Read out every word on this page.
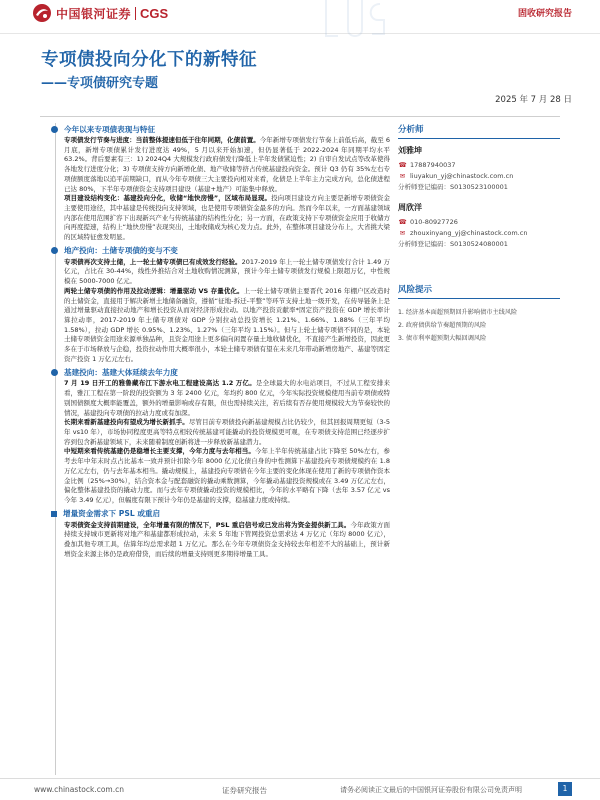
中国银河证券 CGS	固收研究报告
专项债投向分化下的新特征
——专项债研究专题
2025 年 7 月 28 日
今年以来专项债表现与特征

专项债发行节奏与进度：当前整体提速但低于往年同期，化债前置。今年新增专项债发行节奏上前低后高，截至 6 月底，新增专项债累计发行进度达 49%，5 月以来开始加速，但仍显著低于 2022-2024 年同期平均水平 63.2%。背后要素有三：1) 2024Q4 大规模发行政府债发行降低上半年发债紧迫性；2) 自审自发试点等改革使得各地发行进度分化；3) 专项债支持方向新增化债、地产收储等挤占传统基建投向资金。预计 Q3 仍有 35%左右专项债额度落地以追平前期缺口，而从今年专项债三大主要投向相对来看，化债是上半年主力完成方向，总化债进程已达 80%，下半年专项债资金支持项目建设（基建+地产）可能集中释放。

项目建设结构变化：基建投向分化，收储“地快房慢”，区域布局显现。投向项目建设方向主要是新增专项债资金主要使用途径，其中基建是传统投向支持领域，也是使用专项债资金最多的方向。然而今年以来，一方面基建领域内部在使用范围扩容下出现新兴产业与传统基建的结构性分化；另一方面，在政策支持下专项债资金应用于收储方向再度提速，结构上“地快房慢”表现突出，土地收储成为核心发力点。此外，在整体项目建设分布上，大省挑大梁的区域特征愈发明显。

地产投向：土储专项债的变与不变

专项债再次支持土储，上一轮土储专项债已有成效发行经验。2017-2019 年上一轮土储专项债发行合计 1.49 万亿元，占比在 30-44%，线性外推结合对土地收购情况测算，预计今年土储专项债发行规模上限超万亿，中性规模在 5000-7000 亿元。

两轮土储专项债的作用及拉动逻辑：增量驱动 VS 存量优化。上一轮土储专项债主要晋代 2016 年棚户区改造时的土储资金，直接用于解决新增土地储备融资，遵循“征地-拆迁-平整”等环节支持土地一级开发，在传导链条上是通过增量驱动直接拉动地产和增长投资从而对经济形成拉动。以地产投资贡献率*固定资产投资在 GDP 增长率计算拉动率，2017-2019 年土储专项债对 GDP 分别拉动总投资增长 1.21%、1.66%、1.88%（三年平均 1.58%），拉动 GDP 增长 0.95%、1.23%、1.27%（三年平均 1.15%）。但与上轮土储专项债不同的是，本轮土储专项债资金用途来源单独品种，且资金用途上更多偏向闲置存量土地收储优化，不直接产生新增投资，因此更多在于市场释放与企稳，投资拉动作用大概率很小，本轮土储专项债有望在未来几年带动新增房地产、基建等固定资产投资 1 万亿元左右。

基建投向：基建大体延续去年力度

7 月 19 日开工的雅鲁藏布江下游水电工程建设高达 1.2 万亿。是全球最大的水电站项目，不过从工程安排来看，雅江工程在第一阶段的投资额为 3 年 2400 亿元，年均约 800 亿元，今年实际投资规模使用当前专项债或特别国债额度大概率能覆盖，额外的增量影响或存有限，但也需持续关注，若后续有否存使用规模较大为节奏较快的情况，基建投向专项债的拉动力度或有加深。

长期来看新基建投向有望成为增长新抓手。尽管目前专项债投向新基建规模占比仍较少，但其回报周期更短（3-5 年 vs10 年），市场协同程度更高等特点相较传统基建可能撬动的投资规模更可观，在专项债支持范围已经逐步扩容到包含新基建领域下，未来随着制度创新将进一步释放新基建潜力。

中短期来看传统基建仍是稳增长主要支撑，今年力度与去年相当。今年上半年传统基建占比下降至 50%左右，参考去年中年末时点占比基本一致并预计扣除今年 8000 亿元化债自身的中性测算下基建投向专项债规模约在 1.8 万亿元左右，仍与去年基本相当。撬动规模上，基建投向专项债在今年主要的变化体现在使用了新的专项债作资本金比例（25%→30%），结合资本金与配套融资的撬动乘数测算，今年撬动基建投资规模或在 3.49 万亿元左右，偏化整体基建投资的撬动力度。而与去年专项债撬动投资的规模相比，今年的水平略有下降（去年 3.57 亿元 vs 今年 3.49 亿元），但幅度有限下预计今年仍是基建的支撑，稳基建力度或持续。

增量资金需求下 PSL 或重启

专项债资金支持前期建设，全年增量有限的情况下，PSL 重启信号或已发出将为资金提供新工具。今年政策方面持续支持城市更新将对地产和基建都形成拉动，未来 5 年地下管网投资总需求达 4 万亿元（年均 8000 亿元），叠加其他专项工具，估算年均总需求超 1 万亿元。那么在今年专项债资金支持较去年相差不大的基础上，预计新增资金来源主体仍是政府借贷，而后续的增量支持则更多期待增量工具。

分析师
刘雅坤
☎ 17887940037
✉ liuyakun_yj@chinastock.com.cn
分析师登记编码：S0130523100001
周欣洋
☎ 010-80927726
✉ zhouxinyang_yj@chinastock.com.cn
分析师登记编码：S0130524080001
风险提示
1. 经济基本面超预期回升影响债市主线风险
2. 政府债供给节奏超预期的风险
3. 债市利率超预期大幅回调风险
www.chinastock.com.cn	证券研究报告	请务必阅读正文最后的中国银河证券股份有限公司免责声明	1
